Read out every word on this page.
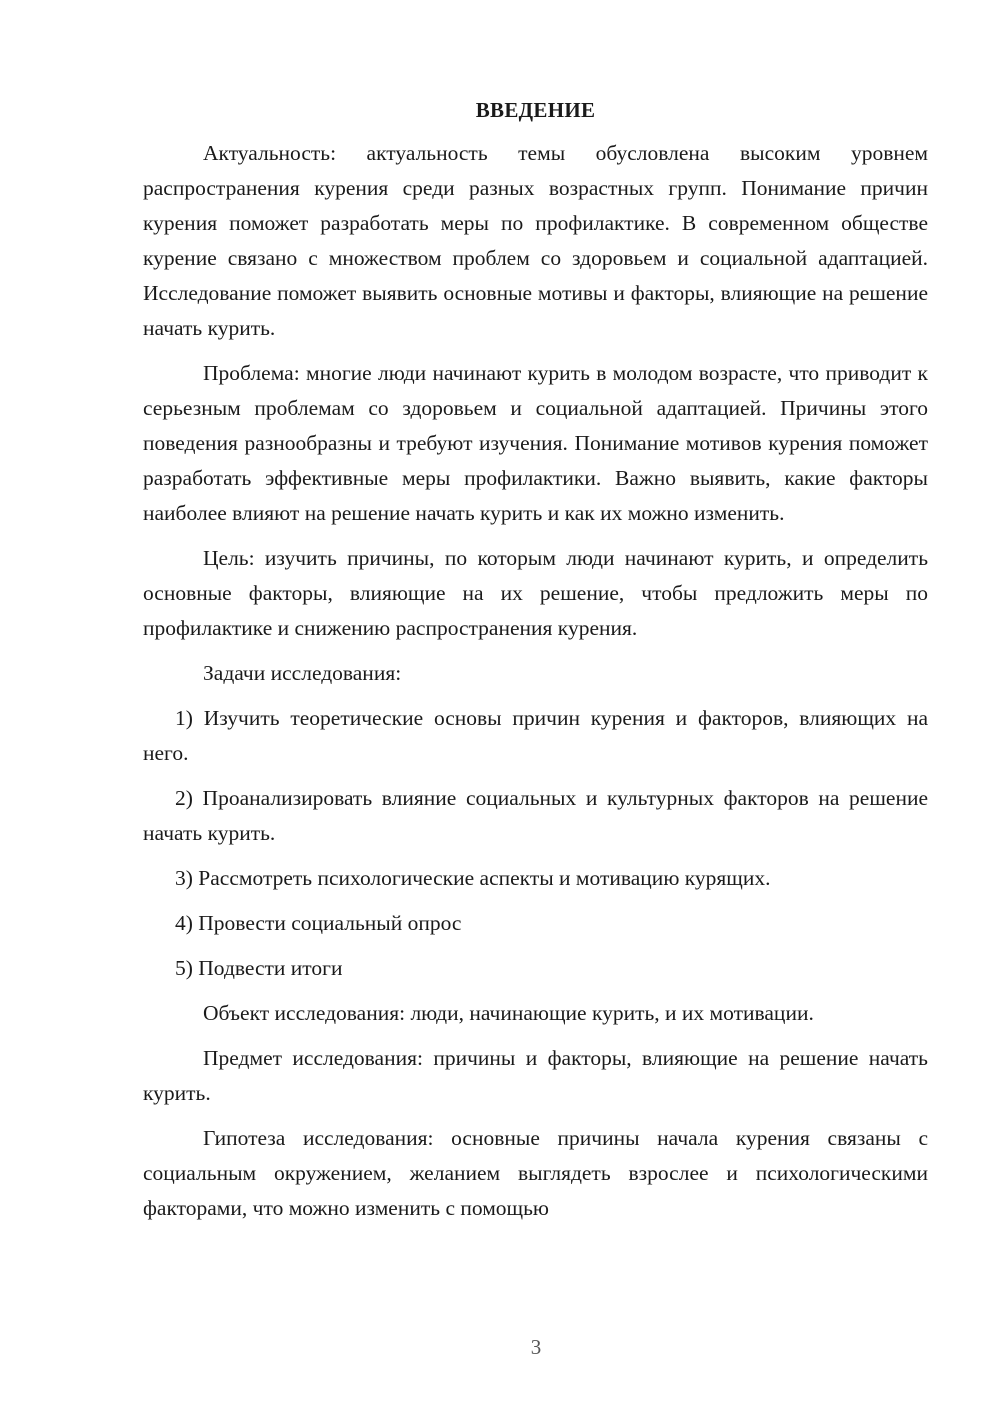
ВВЕДЕНИЕ

Актуальность: актуальность темы обусловлена высоким уровнем распространения курения среди разных возрастных групп. Понимание причин курения поможет разработать меры по профилактике. В современном обществе курение связано с множеством проблем со здоровьем и социальной адаптацией. Исследование поможет выявить основные мотивы и факторы, влияющие на решение начать курить.

Проблема: многие люди начинают курить в молодом возрасте, что приводит к серьезным проблемам со здоровьем и социальной адаптацией. Причины этого поведения разнообразны и требуют изучения. Понимание мотивов курения поможет разработать эффективные меры профилактики. Важно выявить, какие факторы наиболее влияют на решение начать курить и как их можно изменить.

Цель: изучить причины, по которым люди начинают курить, и определить основные факторы, влияющие на их решение, чтобы предложить меры по профилактике и снижению распространения курения.

Задачи исследования:

1) Изучить теоретические основы причин курения и факторов, влияющих на него.

2) Проанализировать влияние социальных и культурных факторов на решение начать курить.

3) Рассмотреть психологические аспекты и мотивацию курящих.

4) Провести социальный опрос

5) Подвести итоги

Объект исследования: люди, начинающие курить, и их мотивации.

Предмет исследования: причины и факторы, влияющие на решение начать курить.

Гипотеза исследования: основные причины начала курения связаны с социальным окружением, желанием выглядеть взрослее и психологическими факторами, что можно изменить с помощью

3
